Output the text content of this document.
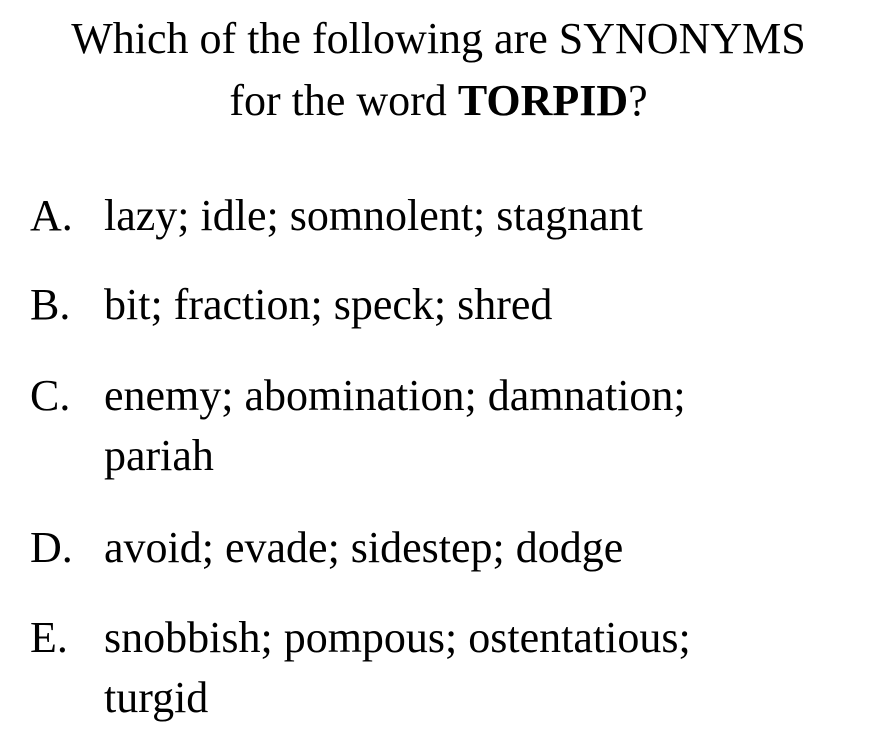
Which of the following are SYNONYMS
for the word TORPID?
A. lazy; idle; somnolent; stagnant
B. bit; fraction; speck; shred
C. enemy; abomination; damnation;
pariah
D. avoid; evade; sidestep; dodge
E. snobbish; pompous; ostentatious;
turgid
